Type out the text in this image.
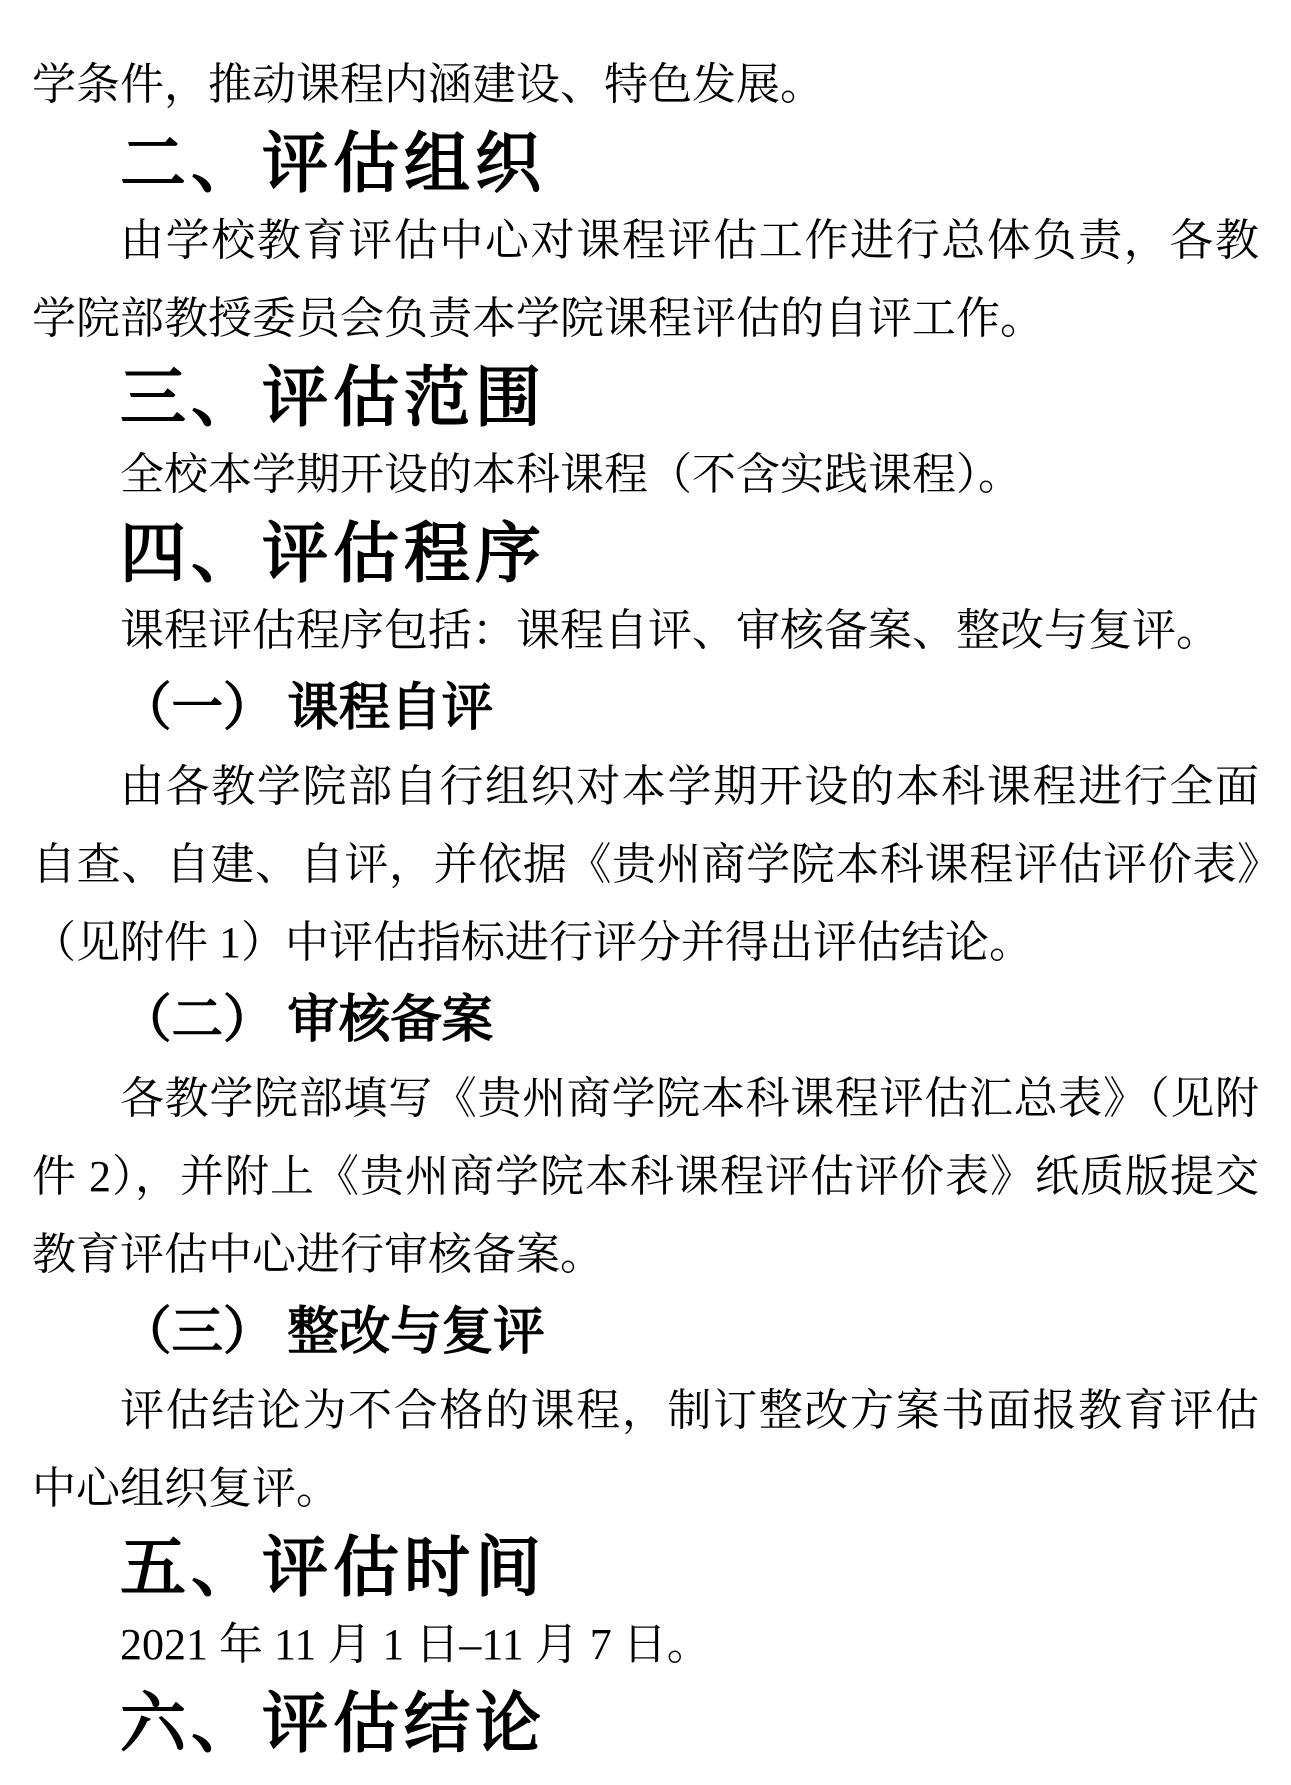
学条件，推动课程内涵建设、特色发展。

二、评估组织

由学校教育评估中心对课程评估工作进行总体负责，各教学院部教授委员会负责本学院课程评估的自评工作。

三、评估范围

全校本学期开设的本科课程（不含实践课程）。

四、评估程序

课程评估程序包括：课程自评、审核备案、整改与复评。

（一） 课程自评

由各教学院部自行组织对本学期开设的本科课程进行全面自查、自建、自评，并依据《贵州商学院本科课程评估评价表》（见附件 1）中评估指标进行评分并得出评估结论。

（二） 审核备案

各教学院部填写《贵州商学院本科课程评估汇总表》（见附件 2），并附上《贵州商学院本科课程评估评价表》纸质版提交教育评估中心进行审核备案。

（三） 整改与复评

评估结论为不合格的课程，制订整改方案书面报教育评估中心组织复评。

五、评估时间

2021 年 11 月 1 日–11 月 7 日。

六、评估结论
